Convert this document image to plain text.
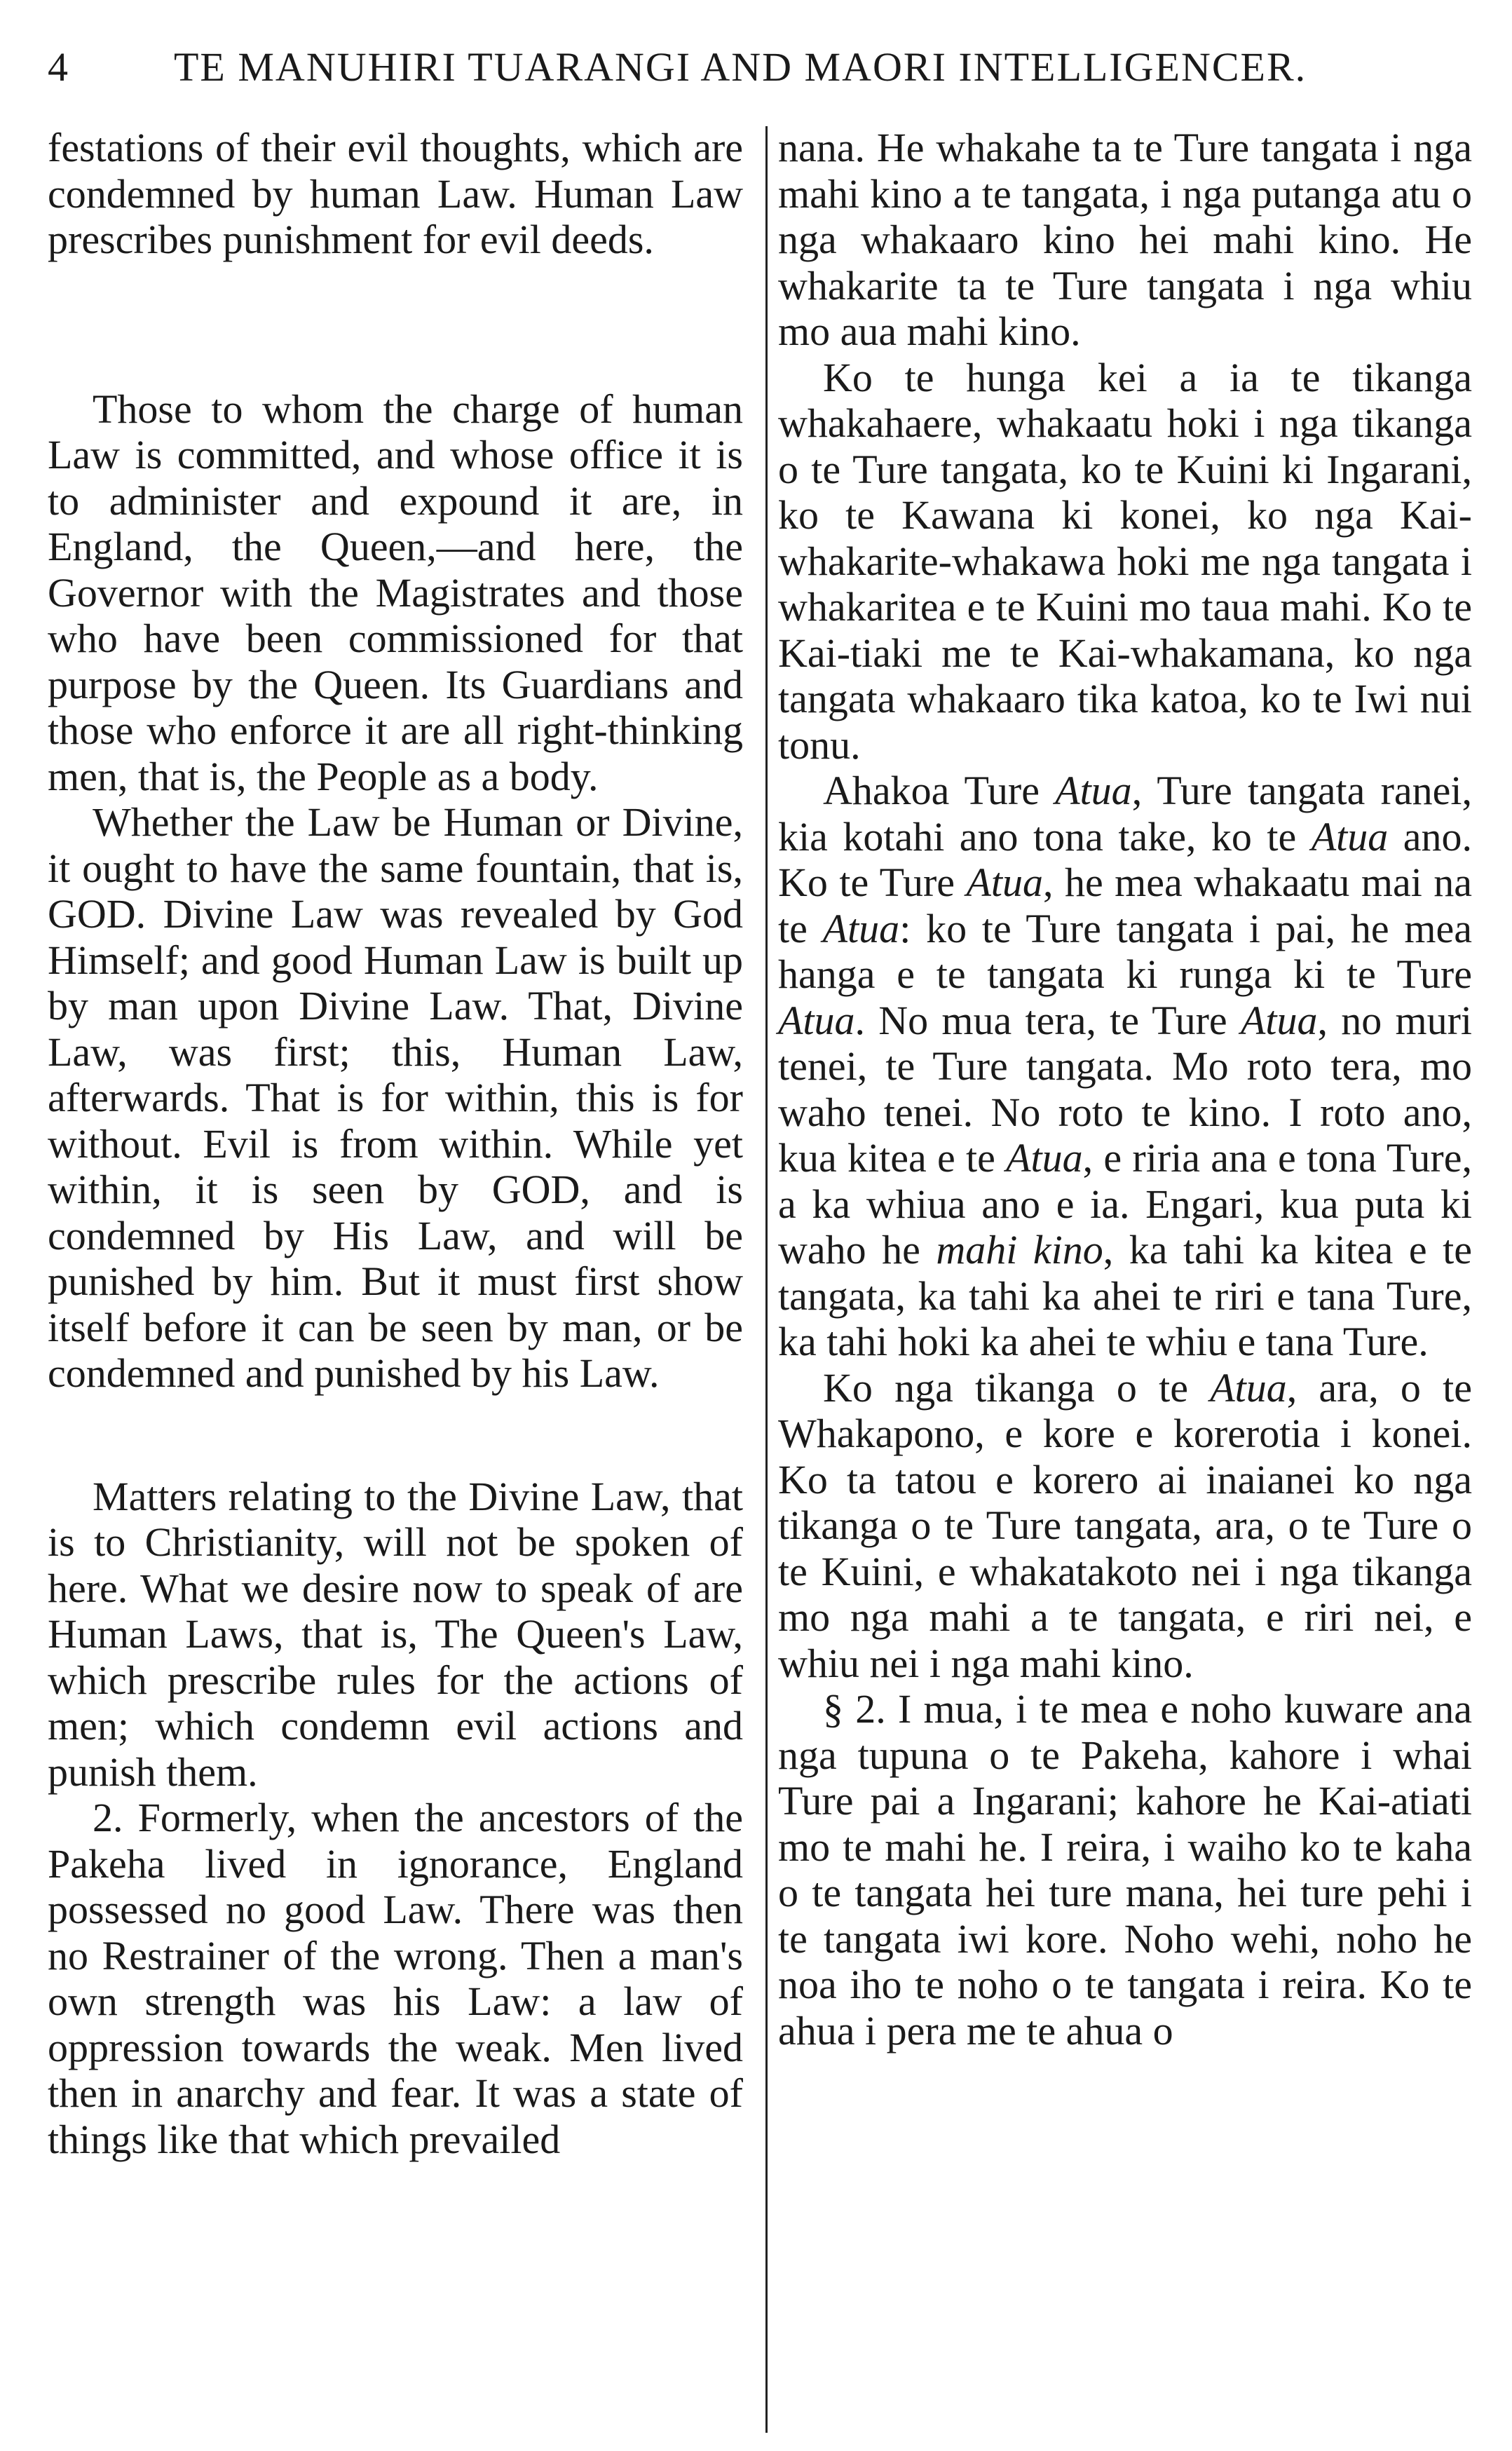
4	TE MANUHIRI TUARANGI AND MAORI INTELLIGENCER.

festations of their evil thoughts, which are condemned by human Law. Human Law prescribes punishment for evil deeds.

Those to whom the charge of human Law is committed, and whose office it is to administer and expound it are, in England, the Queen,—and here, the Governor with the Magistrates and those who have been commissioned for that purpose by the Queen. Its Guardians and those who enforce it are all right-thinking men, that is, the People as a body.

Whether the Law be Human or Divine, it ought to have the same fountain, that is, GOD. Divine Law was revealed by God Himself; and good Human Law is built up by man upon Divine Law. That, Divine Law, was first; this, Human Law, afterwards. That is for within, this is for without. Evil is from within. While yet within, it is seen by GOD, and is condemned by His Law, and will be punished by him. But it must first show itself before it can be seen by man, or be condemned and punished by his Law.

Matters relating to the Divine Law, that is to Christianity, will not be spoken of here. What we desire now to speak of are Human Laws, that is, The Queen's Law, which prescribe rules for the actions of men; which condemn evil actions and punish them.

2. Formerly, when the ancestors of the Pakeha lived in ignorance, England possessed no good Law. There was then no Restrainer of the wrong. Then a man's own strength was his Law: a law of oppression towards the weak. Men lived then in anarchy and fear. It was a state of things like that which prevailed

nana. He whakahe ta te Ture tangata i nga mahi kino a te tangata, i nga putanga atu o nga whakaaro kino hei mahi kino. He whakarite ta te Ture tangata i nga whiu mo aua mahi kino.

Ko te hunga kei a ia te tikanga whakahaere, whakaatu hoki i nga tikanga o te Ture tangata, ko te Kuini ki Ingarani, ko te Kawana ki konei, ko nga Kai-whakarite-whakawa hoki me nga tangata i whakaritea e te Kuini mo taua mahi. Ko te Kai-tiaki me te Kai-whakamana, ko nga tangata whakaaro tika katoa, ko te Iwi nui tonu.

Ahakoa Ture Atua, Ture tangata ranei, kia kotahi ano tona take, ko te Atua ano. Ko te Ture Atua, he mea whakaatu mai na te Atua: ko te Ture tangata i pai, he mea hanga e te tangata ki runga ki te Ture Atua. No mua tera, te Ture Atua, no muri tenei, te Ture tangata. Mo roto tera, mo waho tenei. No roto te kino. I roto ano, kua kitea e te Atua, e riria ana e tona Ture, a ka whiua ano e ia. Engari, kua puta ki waho he mahi kino, ka tahi ka kitea e te tangata, ka tahi ka ahei te riri e tana Ture, ka tahi hoki ka ahei te whiu e tana Ture.

Ko nga tikanga o te Atua, ara, o te Whakapono, e kore e korerotia i konei. Ko ta tatou e korero ai inaianei ko nga tikanga o te Ture tangata, ara, o te Ture o te Kuini, e whakatakoto nei i nga tikanga mo nga mahi a te tangata, e riri nei, e whiu nei i nga mahi kino.

§ 2. I mua, i te mea e noho kuware ana nga tupuna o te Pakeha, kahore i whai Ture pai a Ingarani; kahore he Kai-atiati mo te mahi he. I reira, i waiho ko te kaha o te tangata hei ture mana, hei ture pehi i te tangata iwi kore. Noho wehi, noho he noa iho te noho o te tangata i reira. Ko te ahua i pera me te ahua o
